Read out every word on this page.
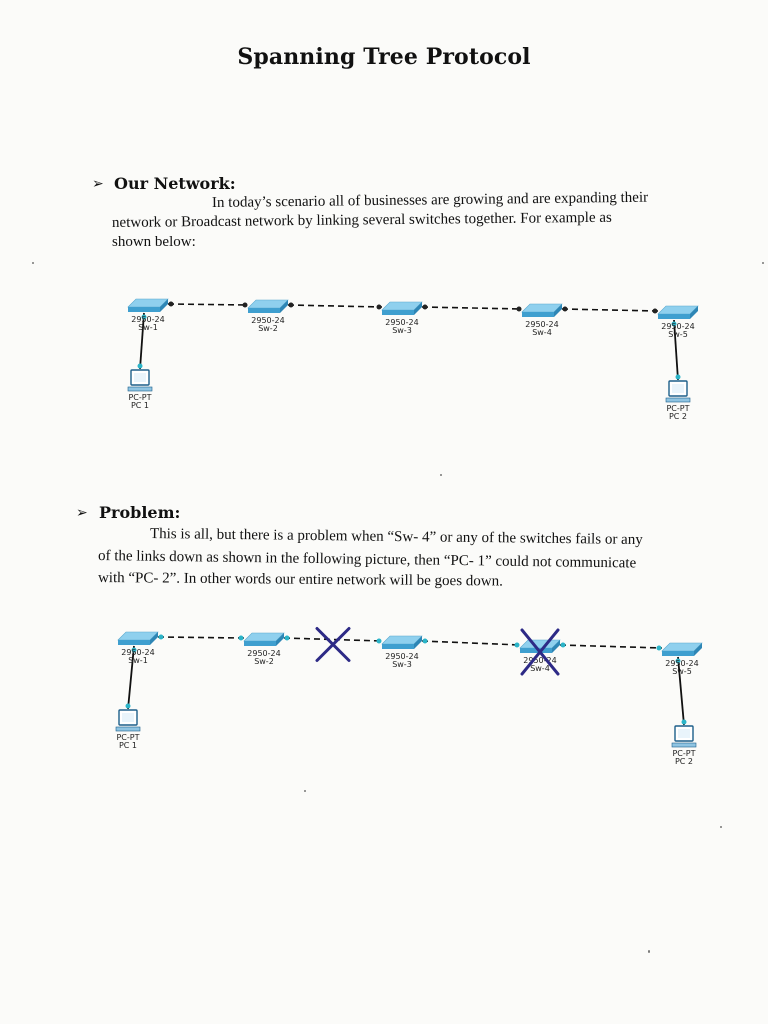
Spanning Tree Protocol
➢ Our Network:

In today’s scenario all of businesses are growing and are expanding their

network or Broadcast network by linking several switches together. For example as

shown below:

2950-24
Sw-1
2950-24
Sw-2
2950-24
Sw-3
2950-24
Sw-4
2950-24
Sw-5
PC-PT
PC 1	PC-PT
PC 2
➢ Problem:

This is all, but there is a problem when “Sw- 4” or any of the switches fails or any

of the links down as shown in the following picture, then “PC- 1” could not communicate

with “PC- 2”. In other words our entire network will be goes down.

2950-24
Sw-1
2950-24
Sw-2
2950-24
Sw-3	2950-24
Sw-4
2950-24
Sw-5
PC-PT
PC 1
PC-PT
PC 2
